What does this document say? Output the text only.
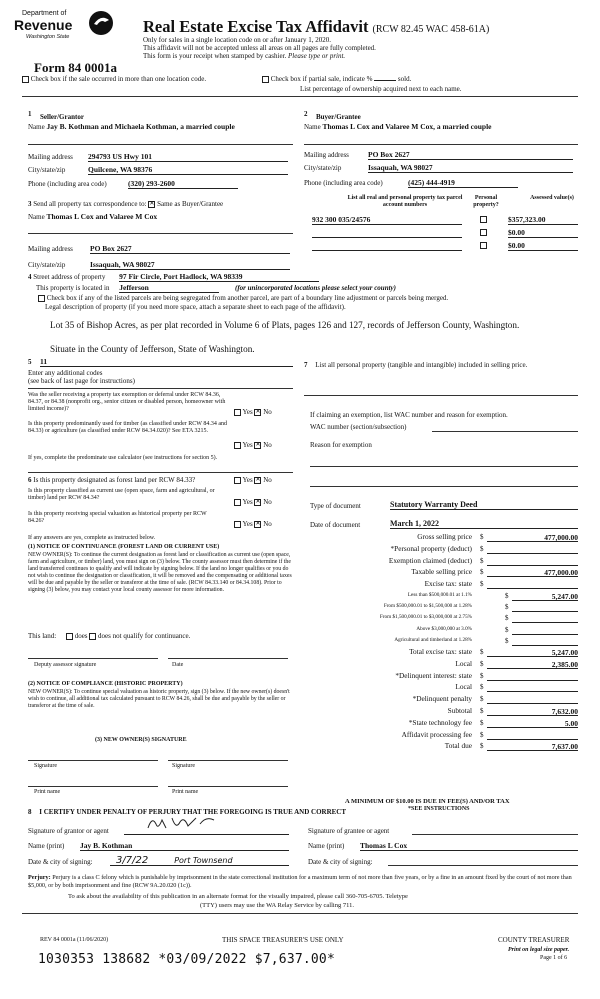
Department of
Revenue
Washington State
Form 84 0001a
Real Estate Excise Tax Affidavit (RCW 82.45 WAC 458-61A)
Only for sales in a single location code on or after January 1, 2020.
This affidavit will not be accepted unless all areas on all pages are fully completed.
This form is your receipt when stamped by cashier. Please type or print.
Check box if the sale occurred in more than one location code.	Check box if partial sale, indicate %	sold.
List percentage of ownership acquired next to each name.
1 Seller/Grantor
Name Jay B. Kothman and Michaela Kothman, a married couple
Mailing address 294793 US Hwy 101
City/state/zip	Quilcene, WA 98376
Phone (including area code)	(320) 293-2600
2 Buyer/Grantee
Name Thomas L Cox and Valaree M Cox, a married couple
Mailing address	PO Box 2627
City/state/zip	Issaquah, WA 98027
Phone (including area code)	(425) 444-4919
3 Send all property tax correspondence to: ✕ Same as Buyer/Grantee
Name Thomas L Cox and Valaree M Cox
Mailing address PO Box 2627
City/state/zip	Issaquah, WA 98027
List all real and personal property tax parcel account numbers
Personal property?
Assessed value(s)
932 300 035/24576	$357,323.00
$0.00
$0.00
4 Street address of property 97 Fir Circle, Port Hadlock, WA 98339
This property is located in Jefferson	(for unincorporated locations please select your county)
Check box if any of the listed parcels are being segregated from another parcel, are part of a boundary line adjustment or parcels being merged.
Legal description of property (if you need more space, attach a separate sheet to each page of the affidavit).
Lot 35 of Bishop Acres, as per plat recorded in Volume 6 of Plats, pages 126 and 127, records of Jefferson County, Washington.
Situate in the County of Jefferson, State of Washington.
5 11
Enter any additional codes
(see back of last page for instructions)
Was the seller receiving a property tax exemption or deferral under RCW 84.36, 84.37, or 84.38 (nonprofit org., senior citizen or disabled person, homeowner with limited income)?	Yes ✕ No
Is this property predominantly used for timber (as classified under RCW 84.34 and 84.33) or agriculture (as classified under RCW 84.34.020)? See ETA 3215.
Yes ✕ No
If yes, complete the predominate use calculator (see instructions for section 5).
6 Is this property designated as forest land per RCW 84.33?	Yes ✕ No
Is this property classified as current use (open space, farm and agricultural, or timber) land per RCW 84.34?	Yes ✕ No
Is this property receiving special valuation as historical property per RCW 84.26?	Yes ✕ No
If any answers are yes, complete as instructed below.
(1) NOTICE OF CONTINUANCE (FOREST LAND OR CURRENT USE)
NEW OWNER(S): To continue the current designation as forest land or classification as current use (open space, farm and agriculture, or timber) land, you must sign on (3) below. The county assessor must then determine if the land transferred continues to qualify and will indicate by signing below. If the land no longer qualifies or you do not wish to continue the designation or classification, it will be removed and the compensating or additional taxes will be due and payable by the seller or transferor at the time of sale. (RCW 84.33.140 or 84.34.108). Prior to signing (3) below, you may contact your local county assessor for more information.
This land:	does does not qualify for continuance.
Deputy assessor signature	Date
(2) NOTICE OF COMPLIANCE (HISTORIC PROPERTY)
NEW OWNER(S): To continue special valuation as historic property, sign (3) below. If the new owner(s) doesn't wish to continue, all additional tax calculated pursuant to RCW 84.26, shall be due and payable by the seller or transferor at the time of sale.
(3) NEW OWNER(S) SIGNATURE
Signature	Signature
Print name	Print name
7 List all personal property (tangible and intangible) included in selling price.
If claiming an exemption, list WAC number and reason for exemption.
WAC number (section/subsection)
Reason for exemption
Type of document	Statutory Warranty Deed
Date of document	March 1, 2022
Gross selling price $	477,000.00
*Personal property (deduct) $
Exemption claimed (deduct) $
Taxable selling price $	477,000.00
Excise tax: state $
Less than $500,000.01 at 1.1%	$	5,247.00
From $500,000.01 to $1,500,000 at 1.28%	$
From $1,500,000.01 to $3,000,000 at 2.75%	$
Above $3,000,000 at 3.0%	$
Agricultural and timberland at 1.28%	$
Total excise tax: state $	5,247.00
Local $	2,385.00
*Delinquent interest: state $
Local $
*Delinquent penalty $
Subtotal $	7,632.00
*State technology fee $	5.00
Affidavit processing fee $
Total due $	7,637.00
A MINIMUM OF $10.00 IS DUE IN FEE(S) AND/OR TAX
*SEE INSTRUCTIONS
8 I CERTIFY UNDER PENALTY OF PERJURY THAT THE FOREGOING IS TRUE AND CORRECT
Signature of grantor or agent	Signature of grantee or agent
Name (print) Jay B. Kothman	Name (print) Thomas L Cox
Date & city of signing:	3/7/22	Port Townsend	Date & city of signing:
Perjury: Perjury is a class C felony which is punishable by imprisonment in the state correctional institution for a maximum term of not more than five years, or by a fine in an amount fixed by the court of not more than $5,000, or by both imprisonment and fine (RCW 9A.20.020 (1c)).
To ask about the availability of this publication in an alternate format for the visually impaired, please call 360-705-6705. Teletype
(TTY) users may use the WA Relay Service by calling 711.
REV 84 0001a (11/06/2020)	THIS SPACE TREASURER'S USE ONLY	COUNTY TREASURER
Print on legal size paper.
Page 1 of 6
1030353 138682 *03/09/2022 $7,637.00*
